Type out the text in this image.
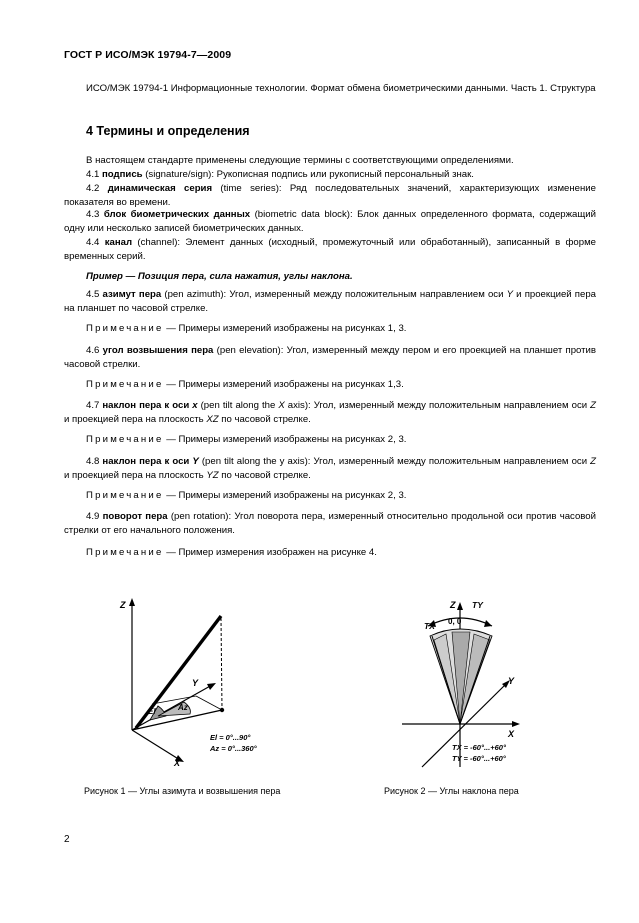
ГОСТ Р ИСО/МЭК 19794-7—2009
ИСО/МЭК 19794-1 Информационные технологии. Формат обмена биометрическими данными. Часть 1. Структура
4 Термины и определения
В настоящем стандарте применены следующие термины с соответствующими определениями.
4.1 подпись (signature/sign): Рукописная подпись или рукописный персональный знак.
4.2 динамическая серия (time series): Ряд последовательных значений, характеризующих изменение показателя во времени.
4.3 блок биометрических данных (biometric data block): Блок данных определенного формата, содержащий одну или несколько записей биометрических данных.
4.4 канал (channel): Элемент данных (исходный, промежуточный или обработанный), записанный в форме временных серий.
Пример — Позиция пера, сила нажатия, углы наклона.
4.5 азимут пера (pen azimuth): Угол, измеренный между положительным направлением оси Y и проекцией пера на планшет по часовой стрелке.
Примечание — Примеры измерений изображены на рисунках 1, 3.
4.6 угол возвышения пера (pen elevation): Угол, измеренный между пером и его проекцией на планшет против часовой стрелки.
Примечание — Примеры измерений изображены на рисунках 1,3.
4.7 наклон пера к оси x (pen tilt along the X axis): Угол, измеренный между положительным направлением оси Z и проекцией пера на плоскость XZ по часовой стрелке.
Примечание — Примеры измерений изображены на рисунках 2, 3.
4.8 наклон пера к оси Y (pen tilt along the y axis): Угол, измеренный между положительным направлением оси Z и проекцией пера на плоскость YZ по часовой стрелке.
Примечание — Примеры измерений изображены на рисунках 2, 3.
4.9 поворот пера (pen rotation): Угол поворота пера, измеренный относительно продольной оси против часовой стрелки от его начального положения.
Примечание — Пример измерения изображен на рисунке 4.
Z
Y
X
El	Az
El = 0°...90°
Az = 0°...360°
Рисунок 1 — Углы азимута и возвышения пера
Z TY
TX 0, 0
Y
X
TX = -60°...+60°
TY = -60°...+60°
Рисунок 2 — Углы наклона пера
2
